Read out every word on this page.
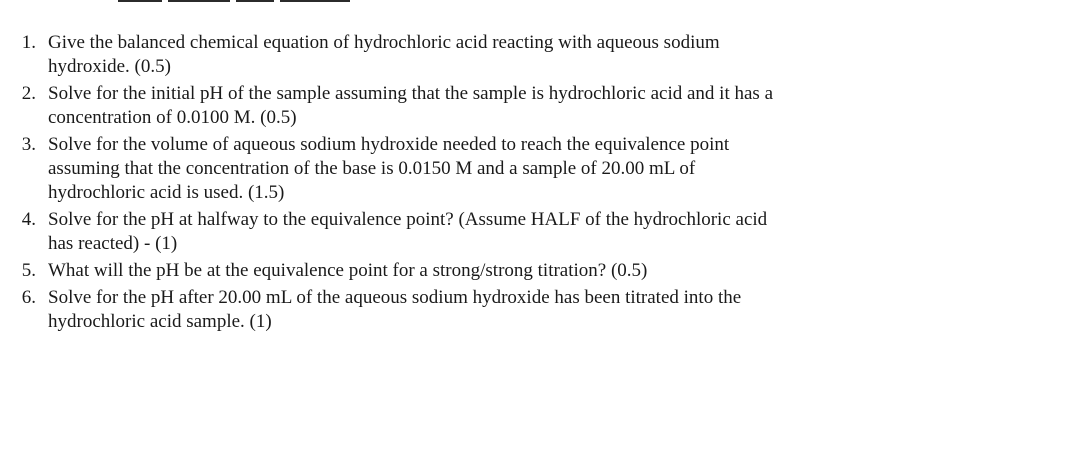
1. Give the balanced chemical equation of hydrochloric acid reacting with aqueous sodium
hydroxide. (0.5)
2. Solve for the initial pH of the sample assuming that the sample is hydrochloric acid and it has a
concentration of 0.0100 M. (0.5)
3. Solve for the volume of aqueous sodium hydroxide needed to reach the equivalence point
assuming that the concentration of the base is 0.0150 M and a sample of 20.00 mL of
hydrochloric acid is used. (1.5)
4. Solve for the pH at halfway to the equivalence point? (Assume HALF of the hydrochloric acid
has reacted) - (1)
5. What will the pH be at the equivalence point for a strong/strong titration? (0.5)
6. Solve for the pH after 20.00 mL of the aqueous sodium hydroxide has been titrated into the
hydrochloric acid sample. (1)
